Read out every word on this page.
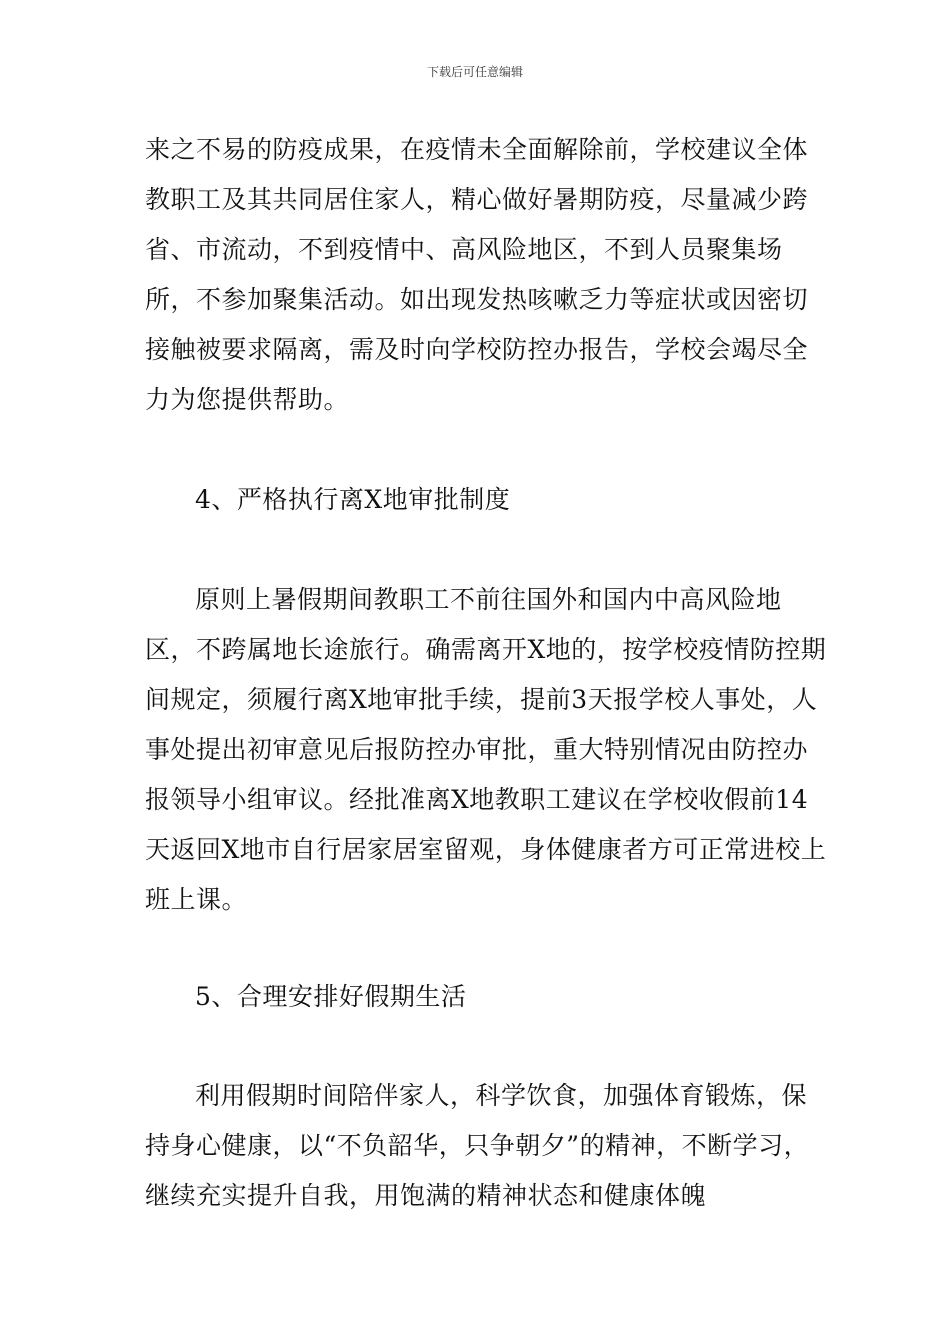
下载后可任意编辑

来之不易的防疫成果，在疫情未全面解除前，学校建议全体教职工及其共同居住家人，精心做好暑期防疫，尽量减少跨省、市流动，不到疫情中、高风险地区，不到人员聚集场所，不参加聚集活动。如出现发热咳嗽乏力等症状或因密切接触被要求隔离，需及时向学校防控办报告，学校会竭尽全力为您提供帮助。

4、严格执行离X地审批制度

原则上暑假期间教职工不前往国外和国内中高风险地区，不跨属地长途旅行。确需离开X地的，按学校疫情防控期间规定，须履行离X地审批手续，提前3天报学校人事处，人事处提出初审意见后报防控办审批，重大特别情况由防控办报领导小组审议。经批准离X地教职工建议在学校收假前14天返回X地市自行居家居室留观，身体健康者方可正常进校上班上课。

5、合理安排好假期生活

利用假期时间陪伴家人，科学饮食，加强体育锻炼，保持身心健康，以“不负韶华，只争朝夕”的精神，不断学习，继续充实提升自我，用饱满的精神状态和健康体魄
